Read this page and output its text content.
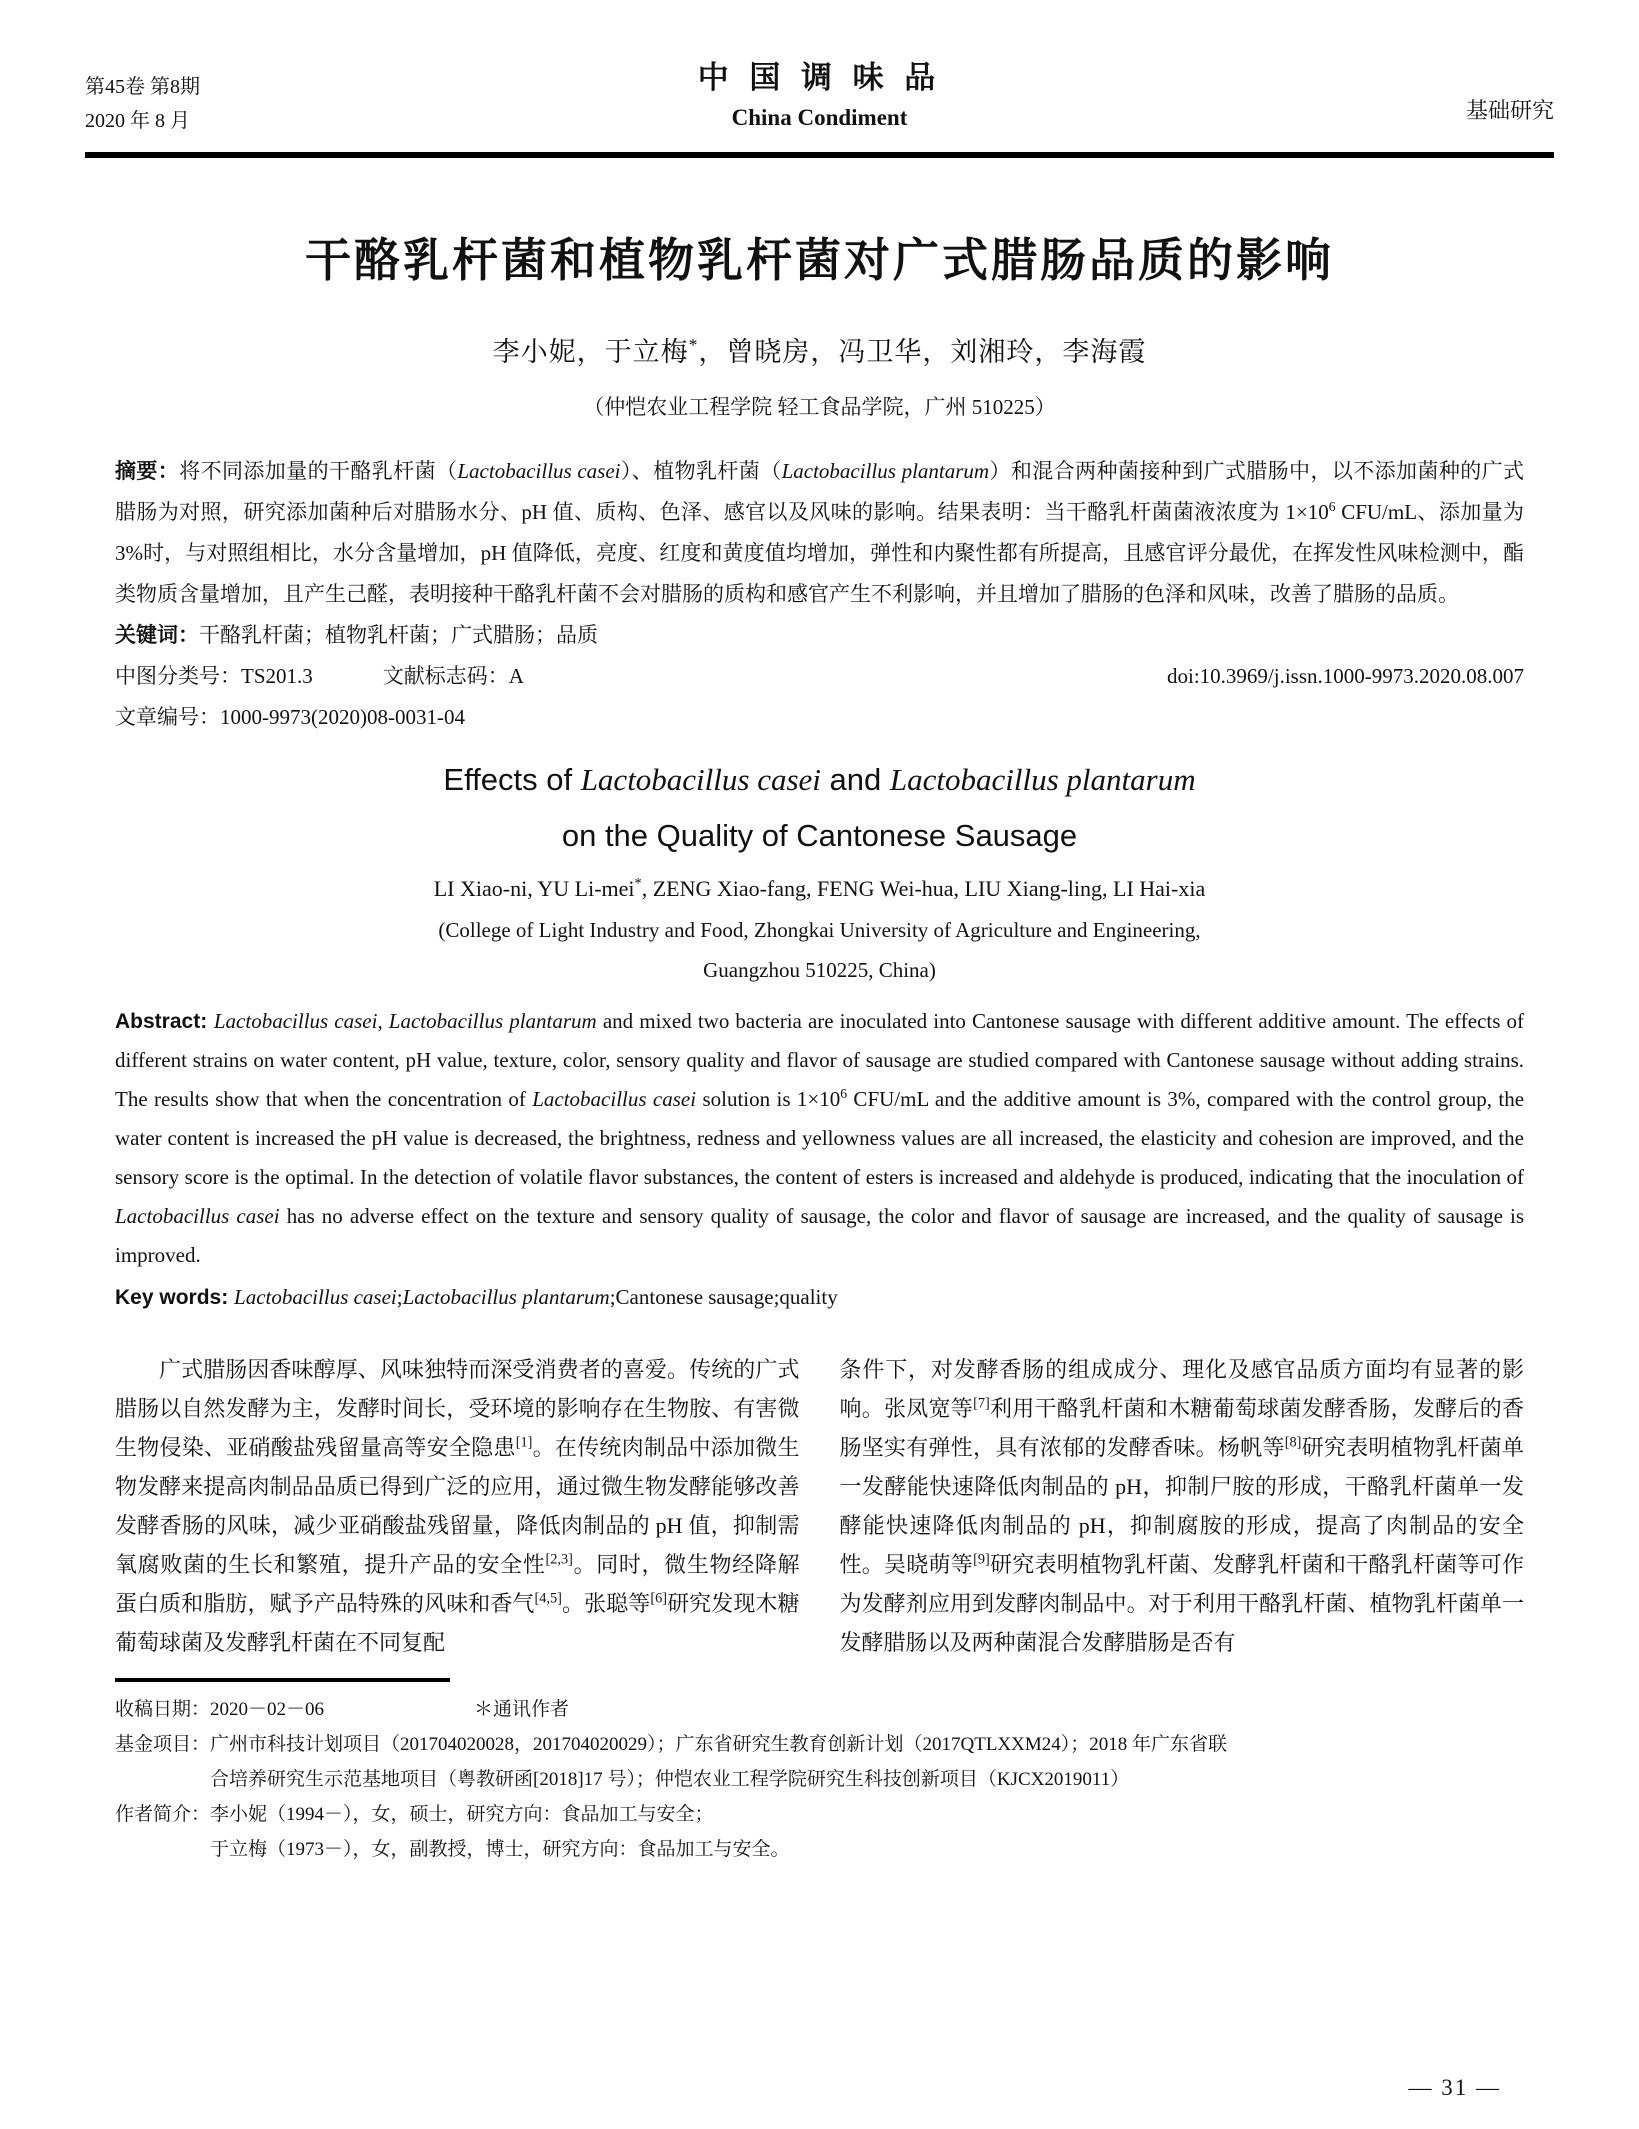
第45卷 第8期
2020 年 8 月
中 国 调 味 品
China Condiment	基础研究
干酪乳杆菌和植物乳杆菌对广式腊肠品质的影响
李小妮，于立梅*，曾晓房，冯卫华，刘湘玲，李海霞
（仲恺农业工程学院 轻工食品学院，广州 510225）
摘要：将不同添加量的干酪乳杆菌（Lactobacillus casei）、植物乳杆菌（Lactobacillus plantarum）和混合两种菌接种到广式腊肠中，以不添加菌种的广式腊肠为对照，研究添加菌种后对腊肠水分、pH 值、质构、色泽、感官以及风味的影响。结果表明：当干酪乳杆菌菌液浓度为 $1\times 10^6$ CFU/mL、添加量为 3%时，与对照组相比，水分含量增加，pH 值降低，亮度、红度和黄度值均增加，弹性和内聚性都有所提高，且感官评分最优，在挥发性风味检测中，酯类物质含量增加，且产生己醛，表明接种干酪乳杆菌不会对腊肠的质构和感官产生不利影响，并且增加了腊肠的色泽和风味，改善了腊肠的品质。
关键词：干酪乳杆菌；植物乳杆菌；广式腊肠；品质
中图分类号：TS201.3	文献标志码：A	doi:10.3969/j.issn.1000-9973.2020.08.007
文章编号：1000-9973(2020)08-0031-04
Effects of Lactobacillus casei and Lactobacillus plantarum
on the Quality of Cantonese Sausage
LI Xiao-ni, YU Li-mei*, ZENG Xiao-fang, FENG Wei-hua, LIU Xiang-ling, LI Hai-xia
(College of Light Industry and Food, Zhongkai University of Agriculture and Engineering,
Guangzhou 510225, China)
Abstract: Lactobacillus casei, Lactobacillus plantarum and mixed two bacteria are inoculated into Cantonese sausage with different additive amount. The effects of different strains on water content, pH value, texture, color, sensory quality and flavor of sausage are studied compared with Cantonese sausage without adding strains. The results show that when the concentration of Lactobacillus casei solution is $1\times 10^6$ CFU/mL and the additive amount is 3%, compared with the control group, the water content is increased the pH value is decreased, the brightness, redness and yellowness values are all increased, the elasticity and cohesion are improved, and the sensory score is the optimal. In the detection of volatile flavor substances, the content of esters is increased and aldehyde is produced, indicating that the inoculation of Lactobacillus casei has no adverse effect on the texture and sensory quality of sausage, the color and flavor of sausage are increased, and the quality of sausage is improved.
Key words: Lactobacillus casei;Lactobacillus plantarum;Cantonese sausage;quality
广式腊肠因香味醇厚、风味独特而深受消费者的喜爱。传统的广式腊肠以自然发酵为主，发酵时间长，受环境的影响存在生物胺、有害微生物侵染、亚硝酸盐残留量高等安全隐患[1]。在传统肉制品中添加微生物发酵来提高肉制品品质已得到广泛的应用，通过微生物发酵能够改善发酵香肠的风味，减少亚硝酸盐残留量，降低肉制品的 pH 值，抑制需氧腐败菌的生长和繁殖，提升产品的安全性[2,3]。同时，微生物经降解蛋白质和脂肪，赋予产品特殊的风味和香气[4,5]。张聪等[6]研究发现木糖葡萄球菌及发酵乳杆菌在不同复配
条件下，对发酵香肠的组成成分、理化及感官品质方面均有显著的影响。张凤宽等[7]利用干酪乳杆菌和木糖葡萄球菌发酵香肠，发酵后的香肠坚实有弹性，具有浓郁的发酵香味。杨帆等[8]研究表明植物乳杆菌单一发酵能快速降低肉制品的 pH，抑制尸胺的形成，干酪乳杆菌单一发酵能快速降低肉制品的 pH，抑制腐胺的形成，提高了肉制品的安全性。吴晓萌等[9]研究表明植物乳杆菌、发酵乳杆菌和干酪乳杆菌等可作为发酵剂应用到发酵肉制品中。对于利用干酪乳杆菌、植物乳杆菌单一发酵腊肠以及两种菌混合发酵腊肠是否有
收稿日期：2020－02－06	＊通讯作者
基金项目：广州市科技计划项目（201704020028，201704020029）；广东省研究生教育创新计划（2017QTLXXM24）；2018 年广东省联
合培养研究生示范基地项目（粤教研函[2018]17 号）；仲恺农业工程学院研究生科技创新项目（KJCX2019011）
作者简介：李小妮（1994－），女，硕士，研究方向：食品加工与安全；
于立梅（1973－），女，副教授，博士，研究方向：食品加工与安全。
— 31 —
